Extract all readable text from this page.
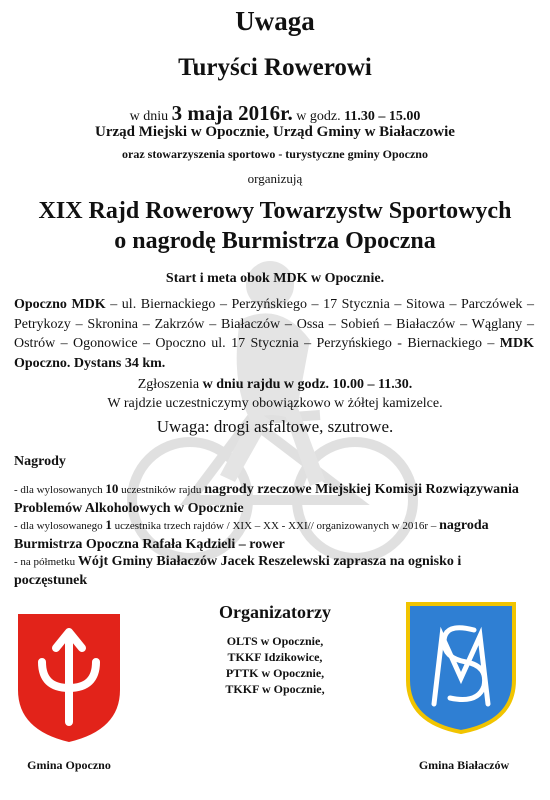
Uwaga
Turyści Rowerowi
w dniu 3 maja 2016r. w godz. 11.30 – 15.00
Urząd Miejski w Opocznie, Urząd Gminy w Białaczowie
oraz stowarzyszenia sportowo - turystyczne gminy Opoczno
organizują
XIX Rajd Rowerowy Towarzystw Sportowych
o nagrodę Burmistrza Opoczna
Start i meta obok MDK w Opocznie.
Opoczno MDK – ul. Biernackiego – Perzyńskiego – 17 Stycznia – Sitowa – Parczówek – Petrykozy – Skronina – Zakrzów – Białaczów – Ossa – Sobień – Białaczów – Wąglany – Ostrów – Ogonowice – Opoczno ul. 17 Stycznia – Perzyńskiego - Biernackiego – MDK Opoczno. Dystans 34 km.
Zgłoszenia w dniu rajdu w godz. 10.00 – 11.30.
W rajdzie uczestniczymy obowiązkowo w żółtej kamizelce.
Uwaga: drogi asfaltowe, szutrowe.
Nagrody
- dla wylosowanych 10 uczestników rajdu nagrody rzeczowe Miejskiej Komisji Rozwiązywania Problemów Alkoholowych w Opocznie
- dla wylosowanego 1 uczestnika trzech rajdów / XIX – XX - XXI// organizowanych w 2016r – nagroda Burmistrza Opoczna Rafała Kądzieli – rower
- na półmetku Wójt Gminy Białaczów Jacek Reszelewski zaprasza na ognisko i poczęstunek
Organizatorzy
OLTS w Opocznie,
TKKF Idzikowice,
PTTK w Opocznie,
TKKF w Opocznie,
Gmina Opoczno	Gmina Białaczów
